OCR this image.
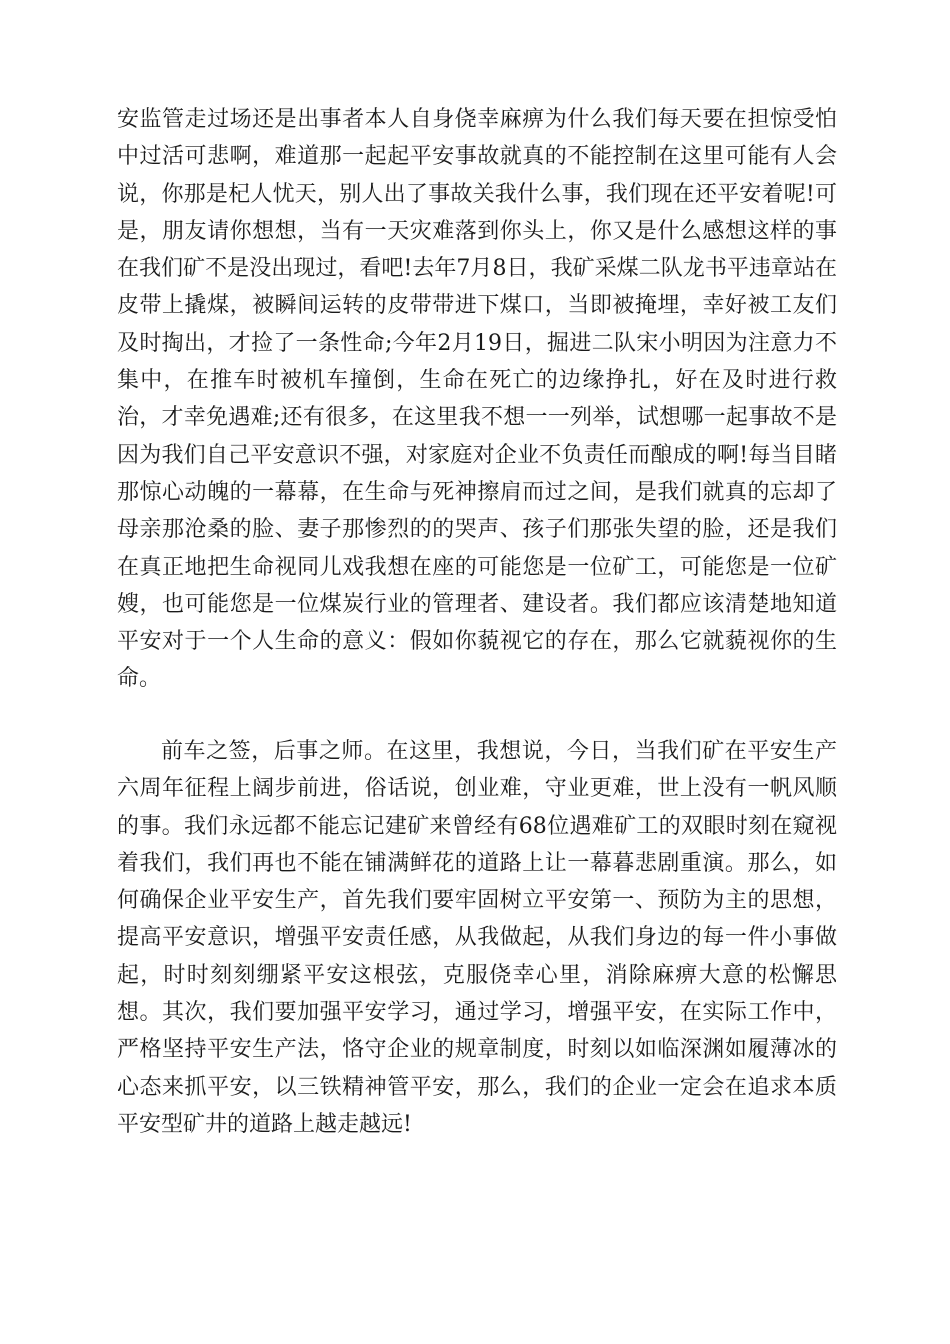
安监管走过场还是出事者本人自身侥幸麻痹为什么我们每天要在担惊受怕中过活可悲啊，难道那一起起平安事故就真的不能控制在这里可能有人会说，你那是杞人忧天，别人出了事故关我什么事，我们现在还平安着呢!可是，朋友请你想想，当有一天灾难落到你头上，你又是什么感想这样的事在我们矿不是没出现过，看吧!去年7月8日，我矿采煤二队龙书平违章站在皮带上撬煤，被瞬间运转的皮带带进下煤口，当即被掩埋，幸好被工友们及时掏出，才捡了一条性命;今年2月19日，掘进二队宋小明因为注意力不集中，在推车时被机车撞倒，生命在死亡的边缘挣扎，好在及时进行救治，才幸免遇难;还有很多，在这里我不想一一列举，试想哪一起事故不是因为我们自己平安意识不强，对家庭对企业不负责任而酿成的啊!每当目睹那惊心动魄的一幕幕，在生命与死神擦肩而过之间，是我们就真的忘却了母亲那沧桑的脸、妻子那惨烈的的哭声、孩子们那张失望的脸，还是我们在真正地把生命视同儿戏我想在座的可能您是一位矿工，可能您是一位矿嫂，也可能您是一位煤炭行业的管理者、建设者。我们都应该清楚地知道平安对于一个人生命的意义：假如你藐视它的存在，那么它就藐视你的生命。

前车之签，后事之师。在这里，我想说，今日，当我们矿在平安生产六周年征程上阔步前进，俗话说，创业难，守业更难，世上没有一帆风顺的事。我们永远都不能忘记建矿来曾经有68位遇难矿工的双眼时刻在窥视着我们，我们再也不能在铺满鲜花的道路上让一幕暮悲剧重演。那么，如何确保企业平安生产，首先我们要牢固树立平安第一、预防为主的思想，提高平安意识，增强平安责任感，从我做起，从我们身边的每一件小事做起，时时刻刻绷紧平安这根弦，克服侥幸心里，消除麻痹大意的松懈思想。其次，我们要加强平安学习，通过学习，增强平安，在实际工作中，严格坚持平安生产法，恪守企业的规章制度，时刻以如临深渊如履薄冰的心态来抓平安，以三铁精神管平安，那么，我们的企业一定会在追求本质平安型矿井的道路上越走越远!
